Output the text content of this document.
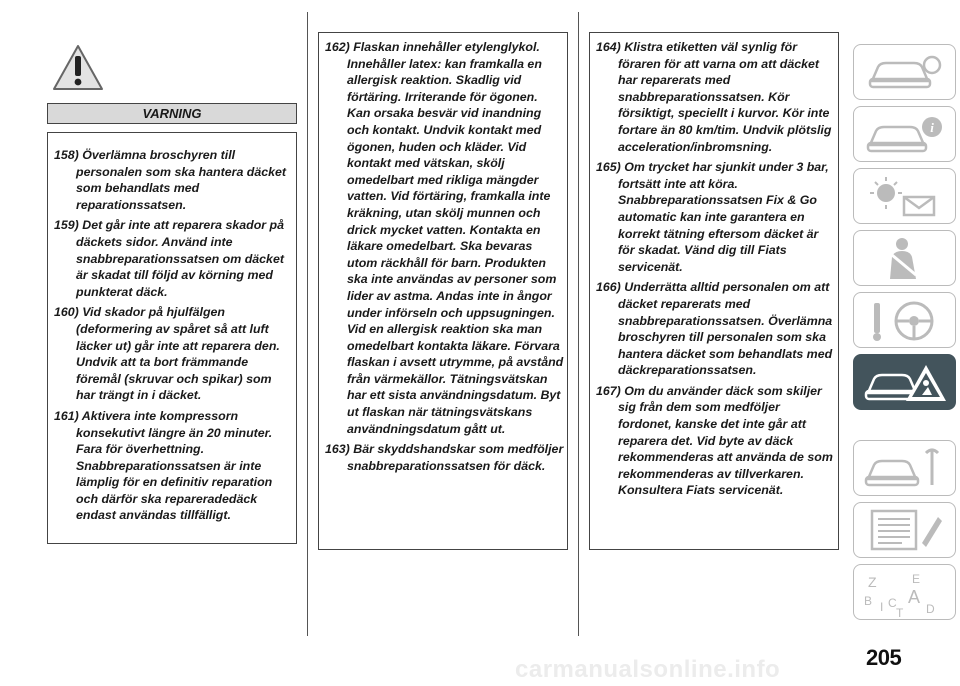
VARNING

158) Överlämna broschyren till personalen som ska hantera däcket som behandlats med reparationssatsen.

159) Det går inte att reparera skador på däckets sidor. Använd inte snabbreparationssatsen om däcket är skadat till följd av körning med punkterat däck.

160) Vid skador på hjulfälgen (deformering av spåret så att luft läcker ut) går inte att reparera den. Undvik att ta bort främmande föremål (skruvar och spikar) som har trängt in i däcket.

161) Aktivera inte kompressorn konsekutivt längre än 20 minuter. Fara för överhettning. Snabbreparationssatsen är inte lämplig för en definitiv reparation och därför ska repareradedäck endast användas tillfälligt.

162) Flaskan innehåller etylenglykol. Innehåller latex: kan framkalla en allergisk reaktion. Skadlig vid förtäring. Irriterande för ögonen. Kan orsaka besvär vid inandning och kontakt. Undvik kontakt med ögonen, huden och kläder. Vid kontakt med vätskan, skölj omedelbart med rikliga mängder vatten. Vid förtäring, framkalla inte kräkning, utan skölj munnen och drick mycket vatten. Kontakta en läkare omedelbart. Ska bevaras utom räckhåll för barn. Produkten ska inte användas av personer som lider av astma. Andas inte in ångor under införseln och uppsugningen. Vid en allergisk reaktion ska man omedelbart kontakta läkare. Förvara flaskan i avsett utrymme, på avstånd från värmekällor. Tätningsvätskan har ett sista användningsdatum. Byt ut flaskan när tätningsvätskans användningsdatum gått ut.

163) Bär skyddshandskar som medföljer snabbreparationssatsen för däck.

164) Klistra etiketten väl synlig för föraren för att varna om att däcket har reparerats med snabbreparationssatsen. Kör försiktigt, speciellt i kurvor. Kör inte fortare än 80 km/tim. Undvik plötslig acceleration/inbromsning.

165) Om trycket har sjunkit under 3 bar, fortsätt inte att köra. Snabbreparationssatsen Fix & Go automatic kan inte garantera en korrekt tätning eftersom däcket är för skadat. Vänd dig till Fiats servicenät.

166) Underrätta alltid personalen om att däcket reparerats med snabbreparationssatsen. Överlämna broschyren till personalen som ska hantera däcket som behandlats med däckreparationssatsen.

167) Om du använder däck som skiljer sig från dem som medföljer fordonet, kanske det inte går att reparera det. Vid byte av däck rekommenderas att använda de som rekommenderas av tillverkaren. Konsultera Fiats servicenät.

i
Z	E
B I C
T
A
D
carmanualsonline.info	205
